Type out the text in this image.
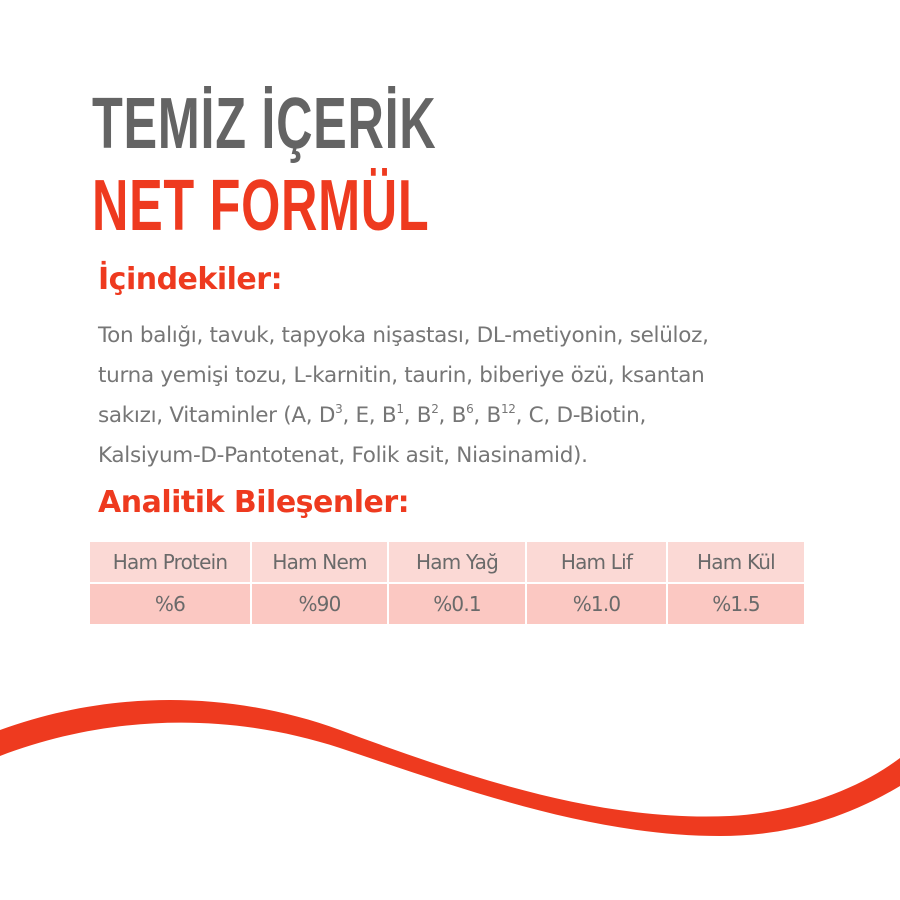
TEMİZ İÇERİK
NET FORMÜL
İçindekiler:

Ton balığı, tavuk, tapyoka nişastası, DL-metiyonin, selüloz,
turna yemişi tozu, L-karnitin, taurin, biberiye özü, ksantan
sakızı, Vitaminler (A, $D^3$, E, $B^1$, $B^2$, $B^6$, $B^{12}$, C, D-Biotin,
Kalsiyum-D-Pantotenat, Folik asit, Niasinamid).

Analitik Bileşenler:
Ham Protein	Ham Nem	Ham Yağ	Ham Lif	Ham Kül
%6	%90	%0.1	%1.0	%1.5
